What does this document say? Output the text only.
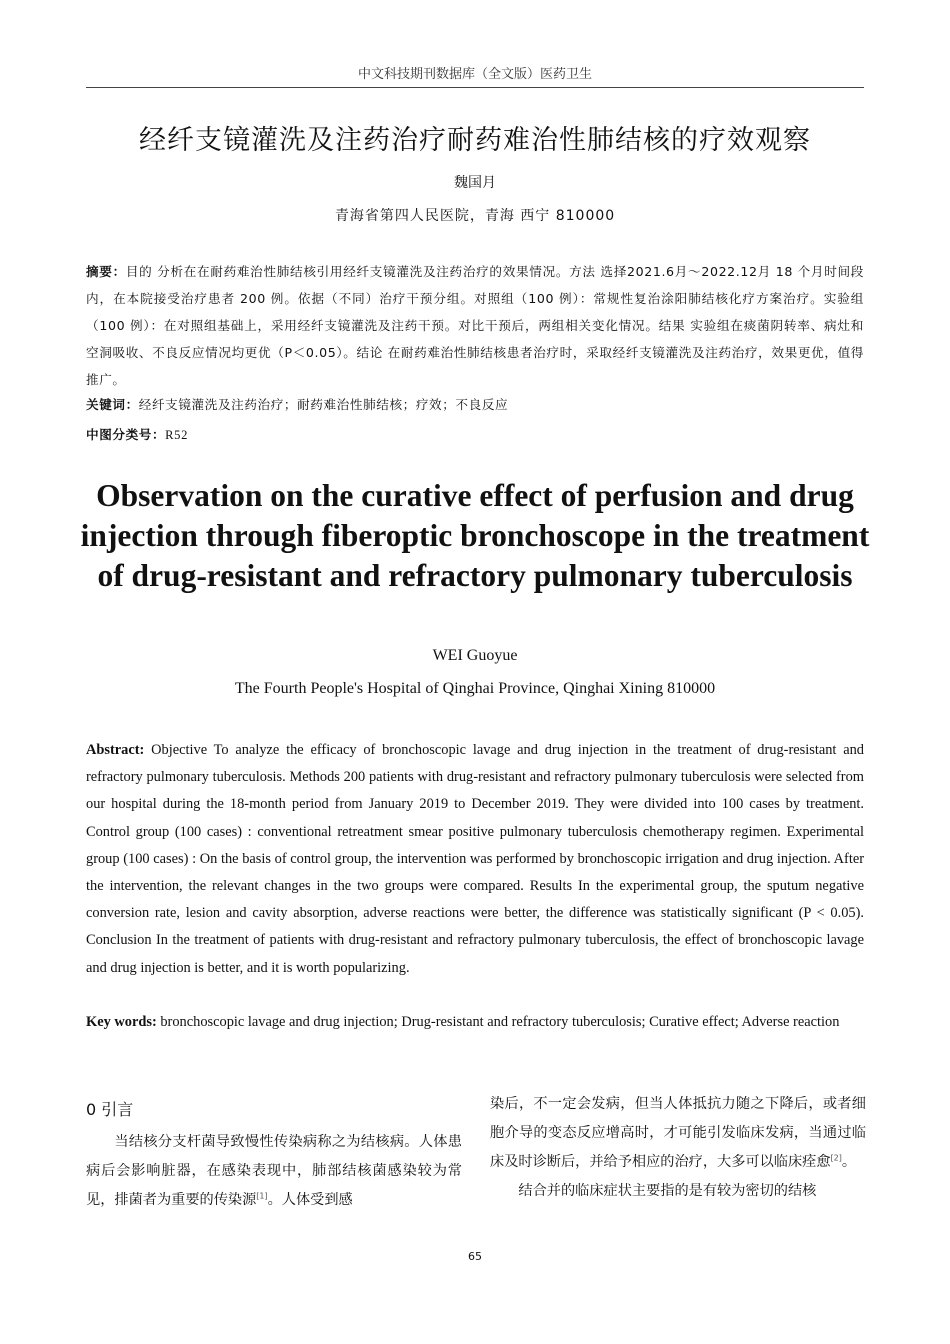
中文科技期刊数据库（全文版）医药卫生
经纤支镜灌洗及注药治疗耐药难治性肺结核的疗效观察
魏国月
青海省第四人民医院，青海 西宁 810000
摘要：目的 分析在在耐药难治性肺结核引用经纤支镜灌洗及注药治疗的效果情况。方法 选择2021.6月～2022.12月 18 个月时间段内，在本院接受治疗患者 200 例。依据（不同）治疗干预分组。对照组（100 例）：常规性复治涂阳肺结核化疗方案治疗。实验组（100 例）：在对照组基础上，采用经纤支镜灌洗及注药干预。对比干预后，两组相关变化情况。结果 实验组在痰菌阴转率、病灶和空洞吸收、不良反应情况均更优（P＜0.05）。结论 在耐药难治性肺结核患者治疗时，采取经纤支镜灌洗及注药治疗，效果更优，值得推广。
关键词：经纤支镜灌洗及注药治疗；耐药难治性肺结核；疗效；不良反应
中图分类号：R52
Observation on the curative effect of perfusion and drug injection through fiberoptic bronchoscope in the treatment of drug-resistant and refractory pulmonary tuberculosis
WEI Guoyue
The Fourth People's Hospital of Qinghai Province, Qinghai Xining 810000
Abstract: Objective To analyze the efficacy of bronchoscopic lavage and drug injection in the treatment of drug-resistant and refractory pulmonary tuberculosis. Methods 200 patients with drug-resistant and refractory pulmonary tuberculosis were selected from our hospital during the 18-month period from January 2019 to December 2019. They were divided into 100 cases by treatment. Control group (100 cases) : conventional retreatment smear positive pulmonary tuberculosis chemotherapy regimen. Experimental group (100 cases) : On the basis of control group, the intervention was performed by bronchoscopic irrigation and drug injection. After the intervention, the relevant changes in the two groups were compared. Results In the experimental group, the sputum negative conversion rate, lesion and cavity absorption, adverse reactions were better, the difference was statistically significant (P < 0.05). Conclusion In the treatment of patients with drug-resistant and refractory pulmonary tuberculosis, the effect of bronchoscopic lavage and drug injection is better, and it is worth popularizing.
Key words: bronchoscopic lavage and drug injection; Drug-resistant and refractory tuberculosis; Curative effect; Adverse reaction
0 引言

当结核分支杆菌导致慢性传染病称之为结核病。人体患病后会影响脏器，在感染表现中，肺部结核菌感染较为常见，排菌者为重要的传染源[1]。人体受到感

染后，不一定会发病，但当人体抵抗力随之下降后，或者细胞介导的变态反应增高时，才可能引发临床发病，当通过临床及时诊断后，并给予相应的治疗，大多可以临床痊愈[2]。

结合并的临床症状主要指的是有较为密切的结核

65
